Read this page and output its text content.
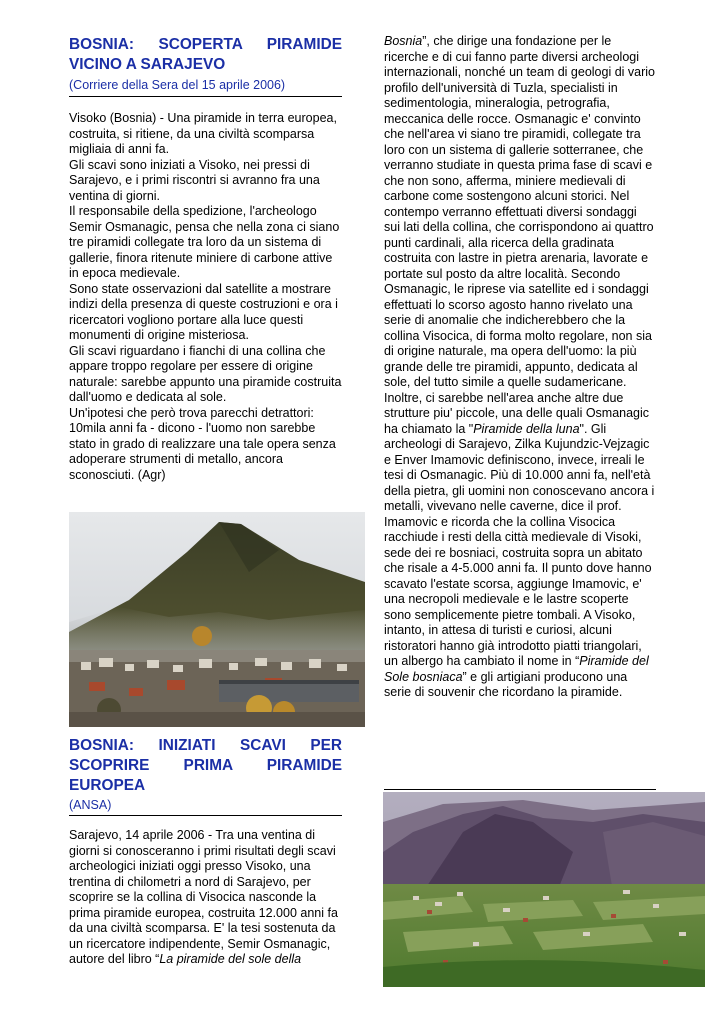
BOSNIA: SCOPERTA PIRAMIDE
VICINO A SARAJEVO
(Corriere della Sera del 15 aprile 2006)

Visoko (Bosnia) - Una piramide in terra europea, costruita, si ritiene, da una civiltà scomparsa migliaia di anni fa.

Gli scavi sono iniziati a Visoko, nei pressi di Sarajevo, e i primi riscontri si avranno fra una ventina di giorni.

Il responsabile della spedizione, l'archeologo Semir Osmanagic, pensa che nella zona ci siano tre piramidi collegate tra loro da un sistema di gallerie, finora ritenute miniere di carbone attive in epoca medievale.

Sono state osservazioni dal satellite a mostrare indizi della presenza di queste costruzioni e ora i ricercatori vogliono portare alla luce questi monumenti di origine misteriosa.

Gli scavi riguardano i fianchi di una collina che appare troppo regolare per essere di origine naturale: sarebbe appunto una piramide costruita dall'uomo e dedicata al sole.

Un'ipotesi che però trova parecchi detrattori: 10mila anni fa - dicono - l'uomo non sarebbe stato in grado di realizzare una tale opera senza adoperare strumenti di metallo, ancora sconosciuti. (Agr)

BOSNIA: INIZIATI SCAVI PER
SCOPRIRE PRIMA PIRAMIDE
EUROPEA
(ANSA)
Sarajevo, 14 aprile 2006 - Tra una ventina di giorni si conosceranno i primi risultati degli scavi archeologici iniziati oggi presso Visoko, una trentina di chilometri a nord di Sarajevo, per scoprire se la collina di Visocica nasconde la prima piramide europea, costruita 12.000 anni fa da una civiltà scomparsa. E' la tesi sostenuta da un ricercatore indipendente, Semir Osmanagic, autore del libro “La piramide del sole della
Bosnia”, che dirige una fondazione per le ricerche e di cui fanno parte diversi archeologi internazionali, nonché un team di geologi di vario profilo dell'università di Tuzla, specialisti in sedimentologia, mineralogia, petrografia, meccanica delle rocce. Osmanagic e' convinto che nell'area vi siano tre piramidi, collegate tra loro con un sistema di gallerie sotterranee, che verranno studiate in questa prima fase di scavi e che non sono, afferma, miniere medievali di carbone come sostengono alcuni storici. Nel contempo verranno effettuati diversi sondaggi sui lati della collina, che corrispondono ai quattro punti cardinali, alla ricerca della gradinata costruita con lastre in pietra arenaria, lavorate e portate sul posto da altre località. Secondo Osmanagic, le riprese via satellite ed i sondaggi effettuati lo scorso agosto hanno rivelato una serie di anomalie che indicherebbero che la collina Visocica, di forma molto regolare, non sia di origine naturale, ma opera dell'uomo: la più grande delle tre piramidi, appunto, dedicata al sole, del tutto simile a quelle sudamericane. Inoltre, ci sarebbe nell'area anche altre due strutture piu' piccole, una delle quali Osmanagic ha chiamato la "Piramide della luna". Gli archeologi di Sarajevo, Zilka Kujundzic-Vejzagic e Enver Imamovic definiscono, invece, irreali le tesi di Osmanagic. Più di 10.000 anni fa, nell'età della pietra, gli uomini non conoscevano ancora i metalli, vivevano nelle caverne, dice il prof. Imamovic e ricorda che la collina Visocica racchiude i resti della città medievale di Visoki, sede dei re bosniaci, costruita sopra un abitato che risale a 4-5.000 anni fa. Il punto dove hanno scavato l'estate scorsa, aggiunge Imamovic, e' una necropoli medievale e le lastre scoperte sono semplicemente pietre tombali. A Visoko, intanto, in attesa di turisti e curiosi, alcuni ristoratori hanno già introdotto piatti triangolari, un albergo ha cambiato il nome in “Piramide del Sole bosniaca” e gli artigiani producono una serie di souvenir che ricordano la piramide.
